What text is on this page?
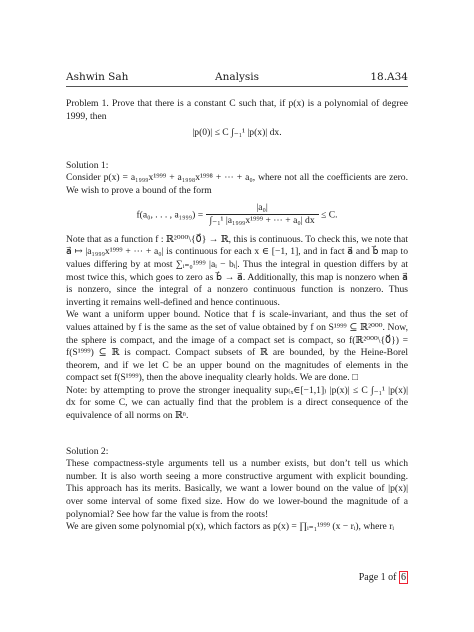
Ashwin Sah	Analysis	18.A34

Problem 1. Prove that there is a constant C such that, if p(x) is a polynomial of degree 1999, then

|p(0)| ≤ C ∫₋₁¹ |p(x)| dx.

Solution 1:

Consider p(x) = a₁₉₉₉x¹⁹⁹⁹ + a₁₉₉₈x¹⁹⁹⁸ + ⋯ + a₀, where not all the coefficients are zero. We wish to prove a bound of the form

f(a₀, . . . , $a_{1999}) = \frac{\text{|a₀|}}{\text{∫₋₁¹ |a₁₉₉₉x¹⁹⁹⁹ + ⋯ + a₀| dx}} \le C$.

Note that as a function f : ℝ²⁰⁰⁰\{0⃗} → ℝ, this is continuous. To check this, we note that a⃗ ↦ |a₁₉₉₉x¹⁹⁹⁹ + ⋯ + a₀| is continuous for each x ∈ [−1, 1], and in fact a⃗ and b⃗ map to values differing by at most ∑ᵢ₌₀¹⁹⁹⁹ |aᵢ − bᵢ|. Thus the integral in question differs by at most twice this, which goes to zero as b⃗ → a⃗. Additionally, this map is nonzero when a⃗ is nonzero, since the integral of a nonzero continuous function is nonzero. Thus inverting it remains well-defined and hence continuous.

We want a uniform upper bound. Notice that f is scale-invariant, and thus the set of values attained by f is the same as the set of value obtained by f on S¹⁹⁹⁹ ⊆ ℝ²⁰⁰⁰. Now, the sphere is compact, and the image of a compact set is compact, so f(ℝ²⁰⁰⁰\{0⃗}) = f(S¹⁹⁹⁹) ⊆ ℝ is compact. Compact subsets of ℝ are bounded, by the Heine-Borel theorem, and if we let C be an upper bound on the magnitudes of elements in the compact set f(S¹⁹⁹⁹), then the above inequality clearly holds. We are done. □

Note: by attempting to prove the stronger inequality sup₍ₓ∈[−1,1]₎ |p(x)| ≤ C ∫₋₁¹ |p(x)| dx for some C, we can actually find that the problem is a direct consequence of the equivalence of all norms on ℝⁿ.

Solution 2:

These compactness-style arguments tell us a number exists, but don’t tell us which number. It is also worth seeing a more constructive argument with explicit bounding. This approach has its merits. Basically, we want a lower bound on the value of |p(x)| over some interval of some fixed size. How do we lower-bound the magnitude of a polynomial? See how far the value is from the roots!

We are given some polynomial p(x), which factors as p(x) = ∏ᵢ₌₁¹⁹⁹⁹ (x − rᵢ), where rᵢ

Page 1 of 6
